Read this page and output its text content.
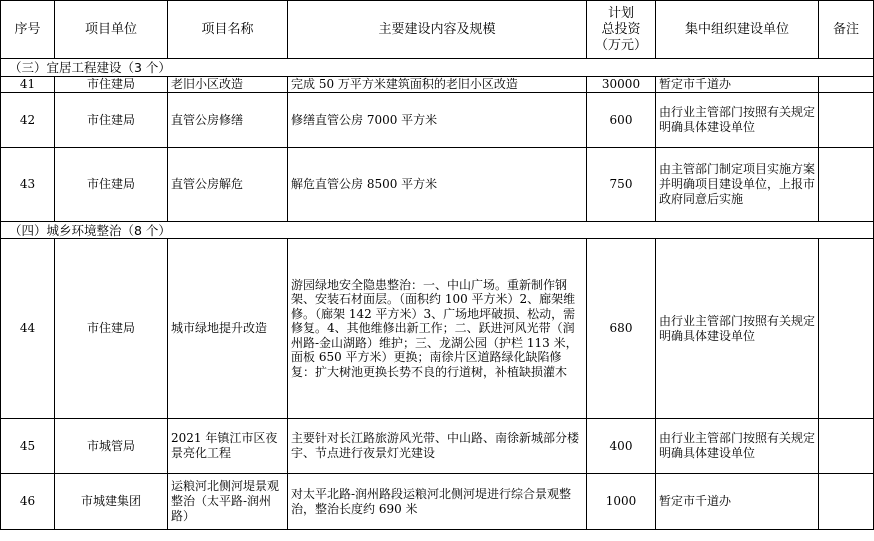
序号	项目单位	项目名称	主要建设内容及规模	计划
总投资
（万元）	集中组织建设单位	备注
（三）宜居工程建设（3 个）						
41	市住建局	老旧小区改造	完成 50 万平方米建筑面积的老旧小区改造	30000	暂定市千道办	
42	市住建局	直管公房修缮	修缮直管公房 7000 平方米	600	由行业主管部门按照有关规定明确具体建设单位	
43	市住建局	直管公房解危	解危直管公房 8500 平方米	750	由主管部门制定项目实施方案并明确项目建设单位，上报市政府同意后实施	
（四）城乡环境整治（8 个）						
44	市住建局	城市绿地提升改造	游园绿地安全隐患整治：一、中山广场。重新制作钢架、安装石材面层。（面积约 100 平方米）2、廊架维修。（廊架 142 平方米）3、广场地坪破损、松动，需修复。4、其他维修出新工作；二、跃进河风光带（润州路-金山湖路）维护；三、龙湖公园（护栏 113 米，面板 650 平方米）更换；南徐片区道路绿化缺陷修复：扩大树池更换长势不良的行道树，补植缺损灌木	680	由行业主管部门按照有关规定明确具体建设单位	
45	市城管局	2021 年镇江市区夜景亮化工程	主要针对长江路旅游风光带、中山路、南徐新城部分楼宇、节点进行夜景灯光建设	400	由行业主管部门按照有关规定明确具体建设单位	
46	市城建集团	运粮河北侧河堤景观整治（太平路-润州路）	对太平北路-润州路段运粮河北侧河堤进行综合景观整治，整治长度约 690 米	1000	暂定市千道办	
